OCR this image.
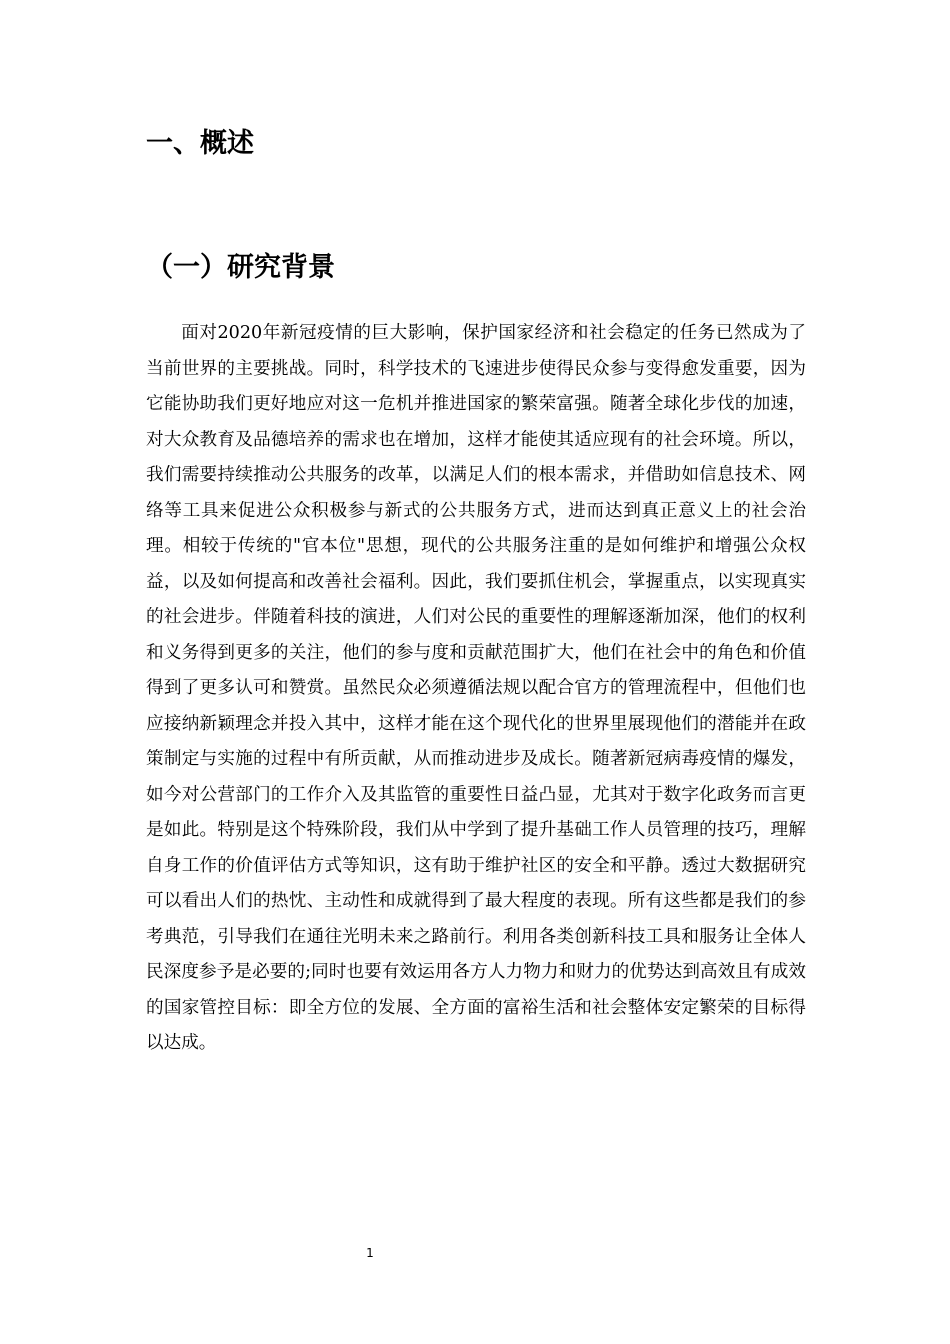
一、概述
（一）研究背景

面对2020年新冠疫情的巨大影响，保护国家经济和社会稳定的任务已然成为了当前世界的主要挑战。同时，科学技术的飞速进步使得民众参与变得愈发重要，因为它能协助我们更好地应对这一危机并推进国家的繁荣富强。随著全球化步伐的加速，对大众教育及品德培养的需求也在增加，这样才能使其适应现有的社会环境。所以，我们需要持续推动公共服务的改革，以满足人们的根本需求，并借助如信息技术、网络等工具来促进公众积极参与新式的公共服务方式，进而达到真正意义上的社会治理。相较于传统的"官本位"思想，现代的公共服务注重的是如何维护和增强公众权益，以及如何提高和改善社会福利。因此，我们要抓住机会，掌握重点，以实现真实的社会进步。伴随着科技的演进，人们对公民的重要性的理解逐渐加深，他们的权利和义务得到更多的关注，他们的参与度和贡献范围扩大，他们在社会中的角色和价值得到了更多认可和赞赏。虽然民众必须遵循法规以配合官方的管理流程中，但他们也应接纳新颖理念并投入其中，这样才能在这个现代化的世界里展现他们的潜能并在政策制定与实施的过程中有所贡献，从而推动进步及成长。随著新冠病毒疫情的爆发，如今对公营部门的工作介入及其监管的重要性日益凸显，尤其对于数字化政务而言更是如此。特别是这个特殊阶段，我们从中学到了提升基础工作人员管理的技巧，理解自身工作的价值评估方式等知识，这有助于维护社区的安全和平静。透过大数据研究可以看出人们的热忱、主动性和成就得到了最大程度的表现。所有这些都是我们的参考典范，引导我们在通往光明未来之路前行。利用各类创新科技工具和服务让全体人民深度参予是必要的;同时也要有效运用各方人力物力和财力的优势达到高效且有成效的国家管控目标：即全方位的发展、全方面的富裕生活和社会整体安定繁荣的目标得以达成。

1
